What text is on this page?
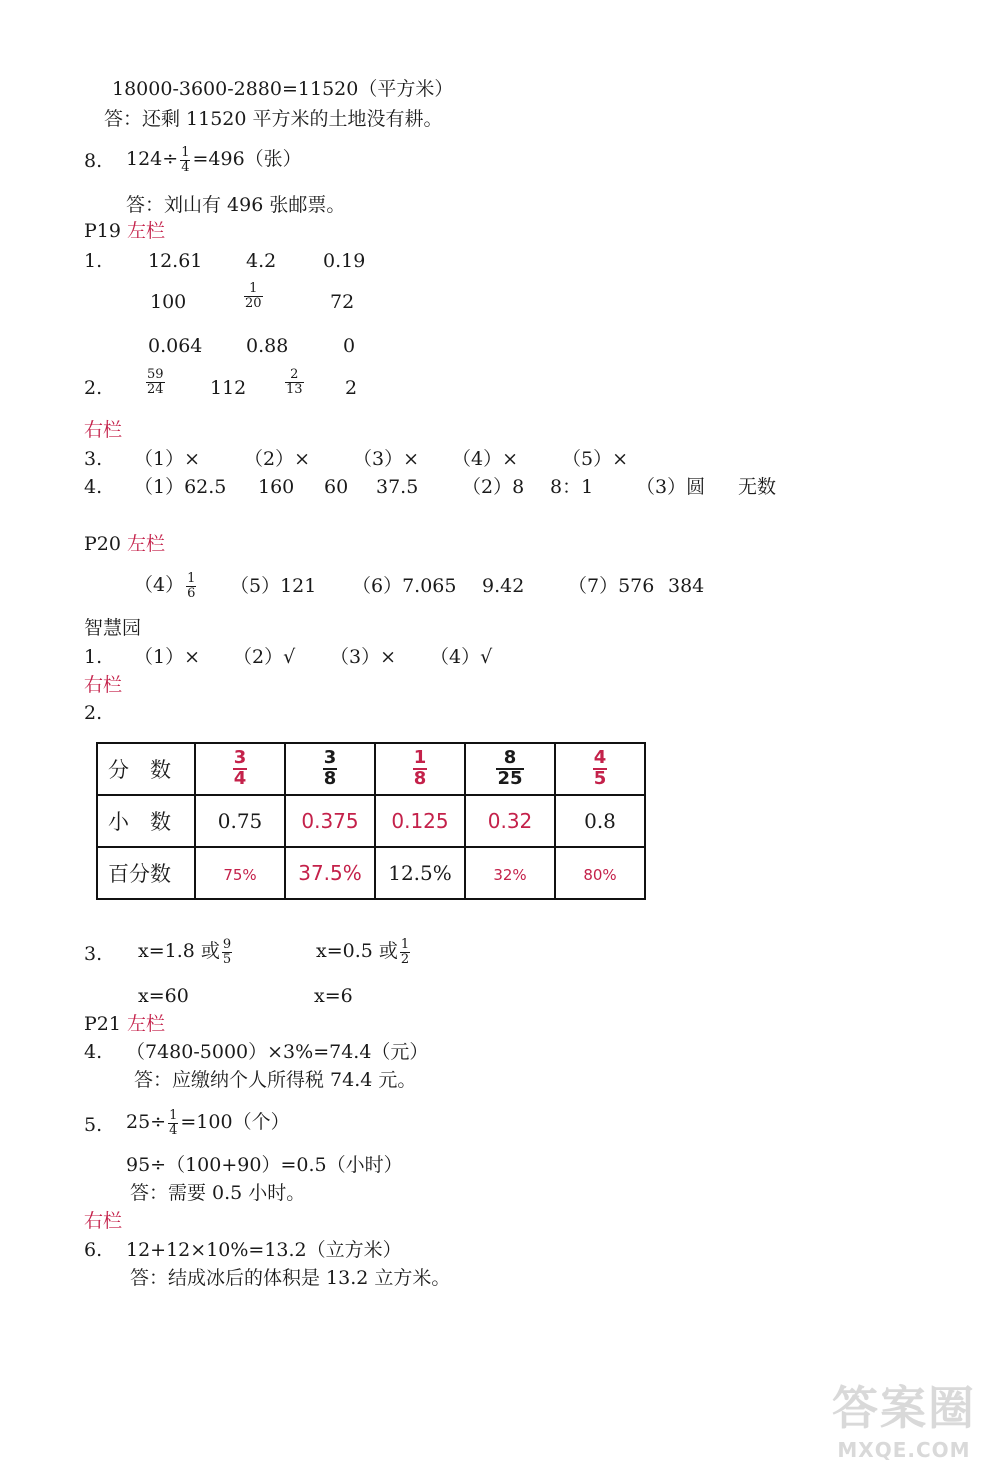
18000-3600-2880=11520（平方米）
答：还剩 11520 平方米的土地没有耕。
8. $124\div \frac{1}{4} =496$（张）
答：刘山有 496 张邮票。
P19 左栏
1. 12.61 4.2 0.19
100	$\frac{1}{20}$	72
0.064 0.88	0
2.	$\frac{59}{24} 112$	$\frac{2}{13} 2$
右栏
3. （1）× （2）× （3）× （4）× （5）×
4. （1）62.5 160 60 37.5 （2）8 8：1 （3）圆 无数
P20 左栏
$(4) \frac{1}{6} (5)121$ （6）7.065 9.42 （7）576 384
智慧园
1. （1）× （2）√ （3）× （4）√
右栏
2.
分　数	$\frac{3}{4}$	$\frac{3}{8}$	$\frac{1}{8}$	$\frac{8}{25}$	$\frac{4}{5}$

小　数	0.75	0.375	0.125	0.32	0.8
百分数	75%	37.5%	12.5%	32%	80%
3. x=1.8 或 $\frac{9}{5}$	x=0.5 或 $\frac{1}{2}$
x=60	x=6
P21 左栏
4. （7480-5000）×3%=74.4（元）
答：应缴纳个人所得税 74.4 元。
5. $25\div \frac{1}{4} =100$（个）
95÷（100+90）=0.5（小时）
答：需要 0.5 小时。
右栏
6. 12+12×10%=13.2（立方米）
答：结成冰后的体积是 13.2 立方米。
答案圈
MXQE.COM
